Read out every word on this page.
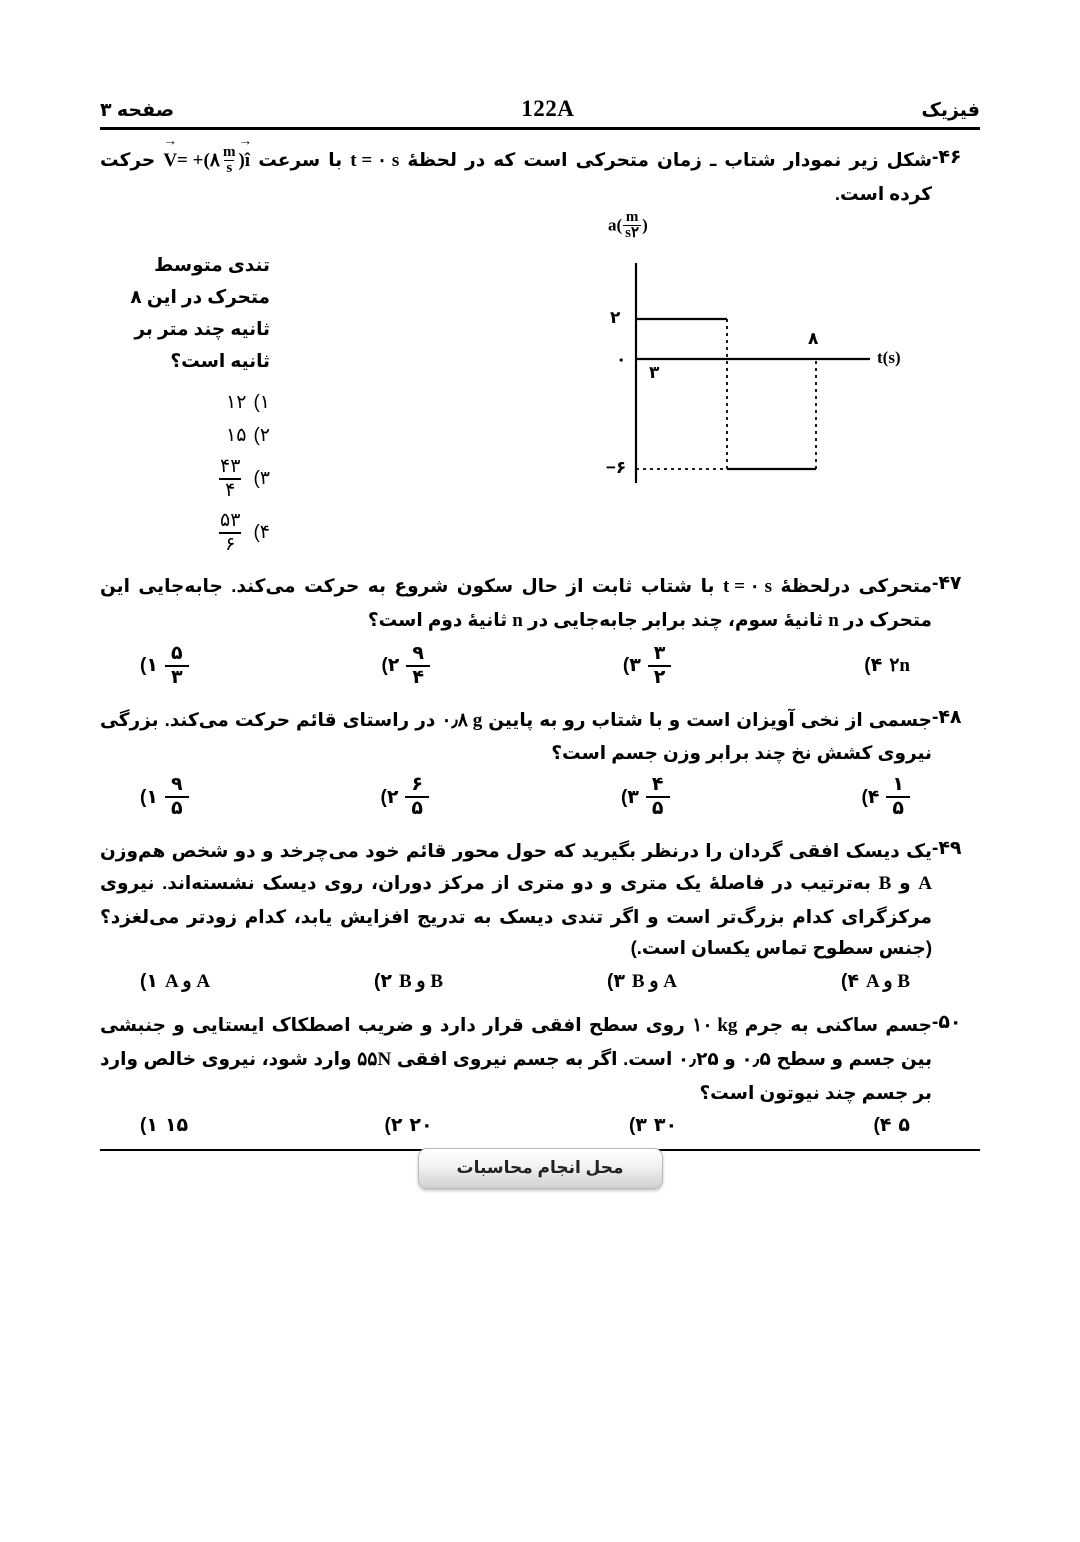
فیزیک
122A
صفحه ۳
۴۶-
شکل زیر نمودار شتاب ـ زمان متحرکی است که در لحظهٔ t = ۰ s با سرعت V →= +(۸ $\frac{m}{s}$ )î → حرکت کرده است.
$a( \frac{m}{s۲}$ )
۲
۰
‎−۶
۳
۸
t(s)
تندی متوسط متحرک در این ۸ ثانیه چند متر بر ثانیه است؟
۱)
۱۲
۲)
۱۵
۳)
$\frac{۴۳}{۴}$
۴)
$\frac{۵۳}{۶}$
۴۷-
متحرکی درلحظهٔ t = ۰ s با شتاب ثابت از حال سکون شروع به حرکت می‌کند. جابه‌جایی این متحرک در n ثانیهٔ سوم، چند برابر جابه‌جایی در n ثانیهٔ دوم است؟
۲n
۴)
$\frac{۳}{۲}$
۳)
$\frac{۹}{۴}$
۲)
$\frac{۵}{۳}$
۱)
۴۸-
جسمی از نخی آویزان است و با شتاب رو به پایین ۰٫۸ g در راستای قائم حرکت می‌کند. بزرگی نیروی کشش نخ چند برابر وزن جسم است؟
$\frac{۱}{۵}$
۴)
$\frac{۴}{۵}$
۳)
$\frac{۶}{۵}$
۲)
$\frac{۹}{۵}$
۱)
۴۹-
یک دیسک افقی گردان را درنظر بگیرید که حول محور قائم خود می‌چرخد و دو شخص هم‌وزن A و B به‌ترتیب در فاصلهٔ یک متری و دو متری از مرکز دوران، روی دیسک نشسته‌اند. نیروی مرکزگرای کدام بزرگ‌تر است و اگر تندی دیسک به تدریج افزایش یابد، کدام زودتر می‌لغزد؟ (جنس سطوح تماس یکسان است.)
A و B
۴)
B و A
۳)
B و B
۲)
A و A
۱)
۵۰-
جسم ساکنی به جرم ۱۰ kg روی سطح افقی قرار دارد و ضریب اصطکاک ایستایی و جنبشی بین جسم و سطح ۰٫۵ و ۰٫۲۵ است. اگر به جسم نیروی افقی ۵۵N وارد شود، نیروی خالص وارد بر جسم چند نیوتون است؟
۵
۴)
۳۰
۳)
۲۰
۲)
۱۵
۱)
محل انجام محاسبات
